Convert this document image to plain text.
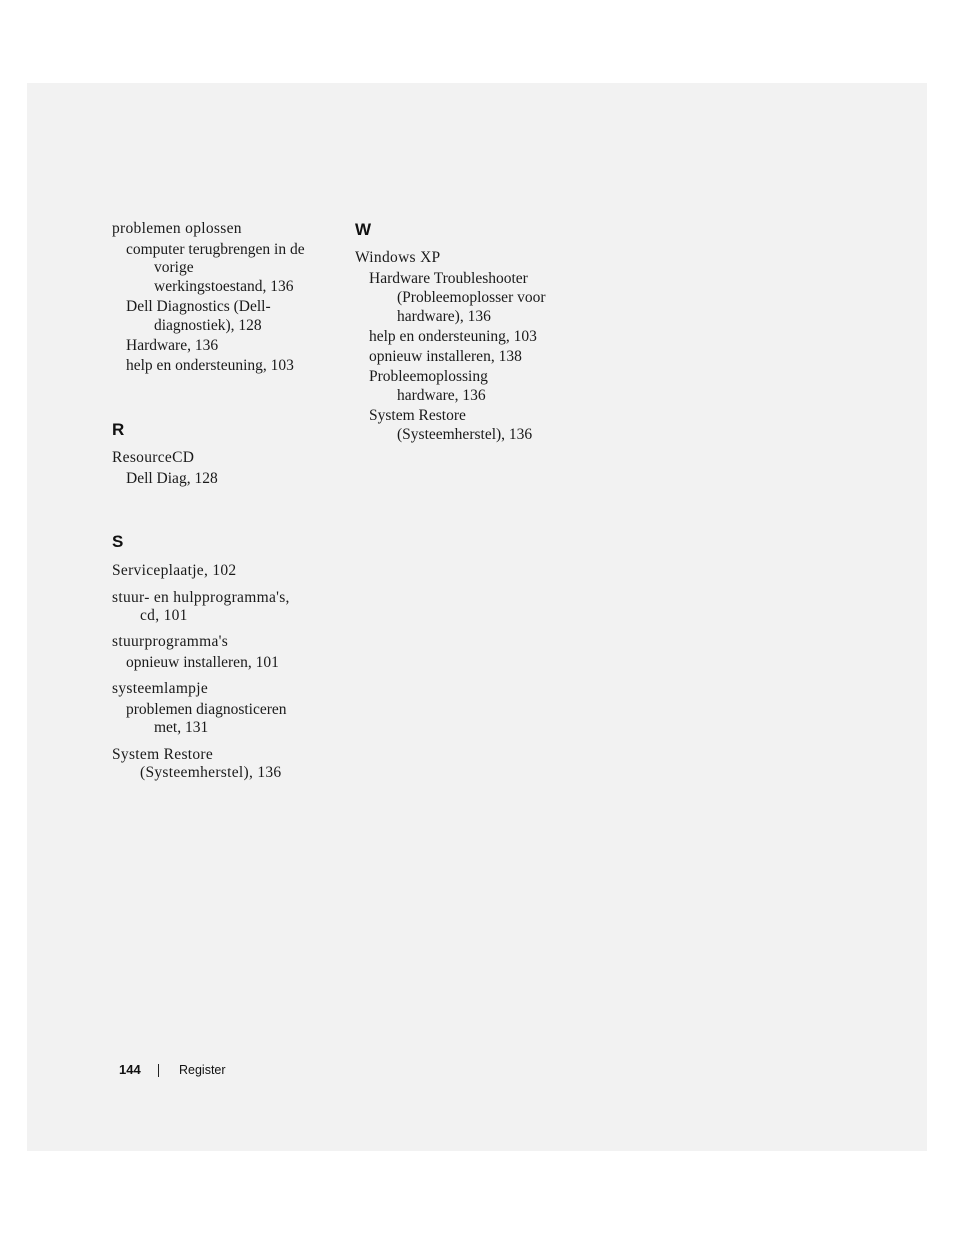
problemen oplossen
computer terugbrengen in de
vorige
werkingstoestand, 136
Dell Diagnostics (Dell-
diagnostiek), 128
Hardware, 136
help en ondersteuning, 103
R
ResourceCD
Dell Diag, 128
S
Serviceplaatje, 102
stuur- en hulpprogramma's,
cd, 101
stuurprogramma's
opnieuw installeren, 101
systeemlampje
problemen diagnosticeren
met, 131
System Restore
(Systeemherstel), 136
W
Windows XP
Hardware Troubleshooter
(Probleemoplosser voor
hardware), 136
help en ondersteuning, 103
opnieuw installeren, 138
Probleemoplossing
hardware, 136
System Restore
(Systeemherstel), 136
144	Register
